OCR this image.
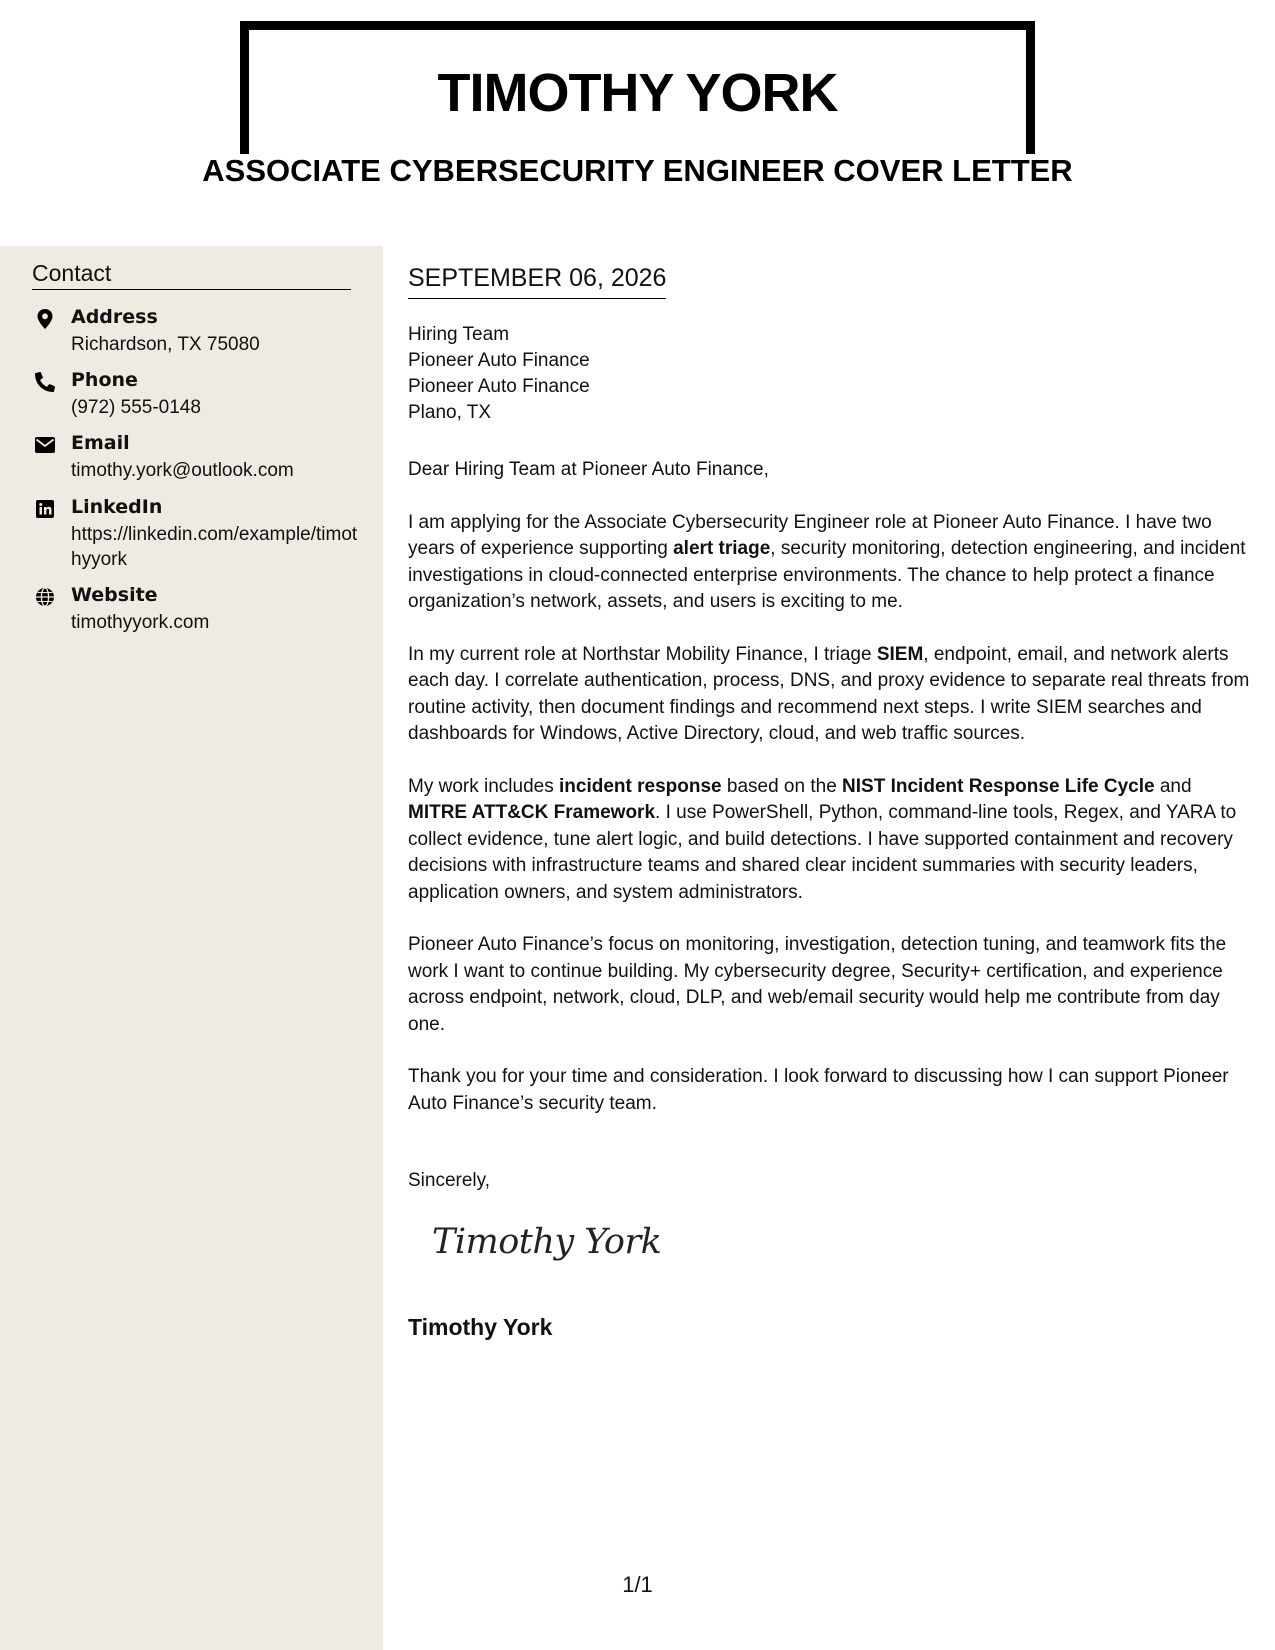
TIMOTHY YORK
ASSOCIATE CYBERSECURITY ENGINEER COVER LETTER
Contact
Address
Richardson, TX 75080
Phone
(972) 555-0148
Email
timothy.york@outlook.com
LinkedIn
https://linkedin.com/example/timothyyork
Website
timothyyork.com
SEPTEMBER 06, 2026
Hiring Team
Pioneer Auto Finance
Pioneer Auto Finance
Plano, TX

Dear Hiring Team at Pioneer Auto Finance,

I am applying for the Associate Cybersecurity Engineer role at Pioneer Auto Finance. I have two years of experience supporting alert triage, security monitoring, detection engineering, and incident investigations in cloud-connected enterprise environments. The chance to help protect a finance organization’s network, assets, and users is exciting to me.

In my current role at Northstar Mobility Finance, I triage SIEM, endpoint, email, and network alerts each day. I correlate authentication, process, DNS, and proxy evidence to separate real threats from routine activity, then document findings and recommend next steps. I write SIEM searches and dashboards for Windows, Active Directory, cloud, and web traffic sources.

My work includes incident response based on the NIST Incident Response Life Cycle and MITRE ATT&CK Framework. I use PowerShell, Python, command-line tools, Regex, and YARA to collect evidence, tune alert logic, and build detections. I have supported containment and recovery decisions with infrastructure teams and shared clear incident summaries with security leaders, application owners, and system administrators.

Pioneer Auto Finance’s focus on monitoring, investigation, detection tuning, and teamwork fits the work I want to continue building. My cybersecurity degree, Security+ certification, and experience across endpoint, network, cloud, DLP, and web/email security would help me contribute from day one.

Thank you for your time and consideration. I look forward to discussing how I can support Pioneer Auto Finance’s security team.

Sincerely,
Timothy York
Timothy York
1/1
